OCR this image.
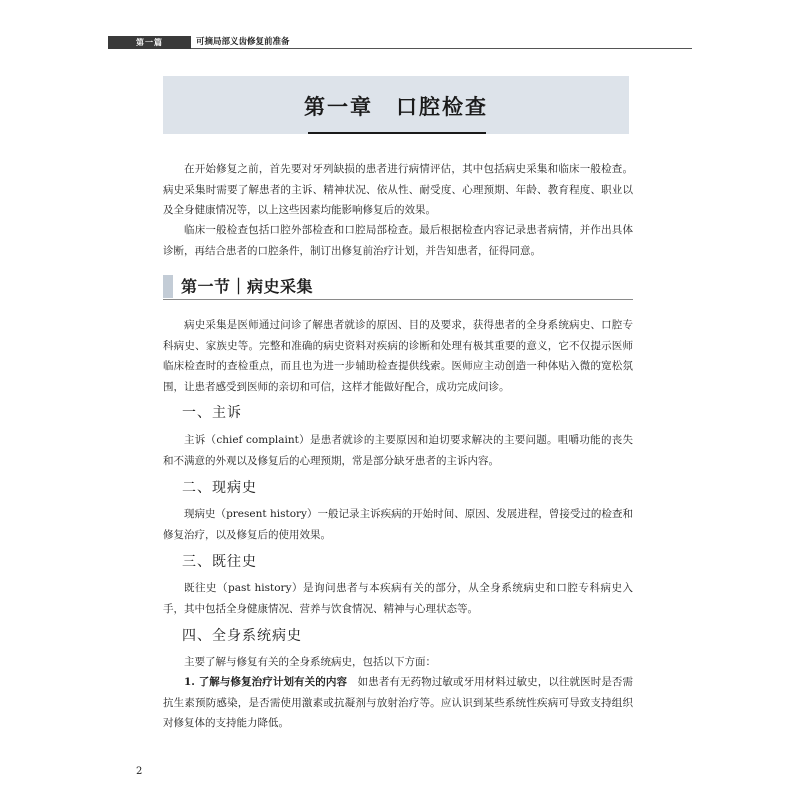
第一篇	可摘局部义齿修复前准备
第一章　口腔检查

在开始修复之前，首先要对牙列缺损的患者进行病情评估，其中包括病史采集和临床一般检查。病史采集时需要了解患者的主诉、精神状况、依从性、耐受度、心理预期、年龄、教育程度、职业以及全身健康情况等，以上这些因素均能影响修复后的效果。

临床一般检查包括口腔外部检查和口腔局部检查。最后根据检查内容记录患者病情，并作出具体诊断，再结合患者的口腔条件，制订出修复前治疗计划，并告知患者，征得同意。

第一节｜病史采集

病史采集是医师通过问诊了解患者就诊的原因、目的及要求，获得患者的全身系统病史、口腔专科病史、家族史等。完整和准确的病史资料对疾病的诊断和处理有极其重要的意义，它不仅提示医师临床检查时的查检重点，而且也为进一步辅助检查提供线索。医师应主动创造一种体贴入微的宽松氛围，让患者感受到医师的亲切和可信，这样才能做好配合，成功完成问诊。

一、主诉

主诉（chief complaint）是患者就诊的主要原因和迫切要求解决的主要问题。咀嚼功能的丧失和不满意的外观以及修复后的心理预期，常是部分缺牙患者的主诉内容。

二、现病史

现病史（present history）一般记录主诉疾病的开始时间、原因、发展进程，曾接受过的检查和修复治疗，以及修复后的使用效果。

三、既往史

既往史（past history）是询问患者与本疾病有关的部分，从全身系统病史和口腔专科病史入手，其中包括全身健康情况、营养与饮食情况、精神与心理状态等。

四、全身系统病史

主要了解与修复有关的全身系统病史，包括以下方面：

1. 了解与修复治疗计划有关的内容　如患者有无药物过敏或牙用材料过敏史，以往就医时是否需抗生素预防感染，是否需使用激素或抗凝剂与放射治疗等。应认识到某些系统性疾病可导致支持组织对修复体的支持能力降低。

2
